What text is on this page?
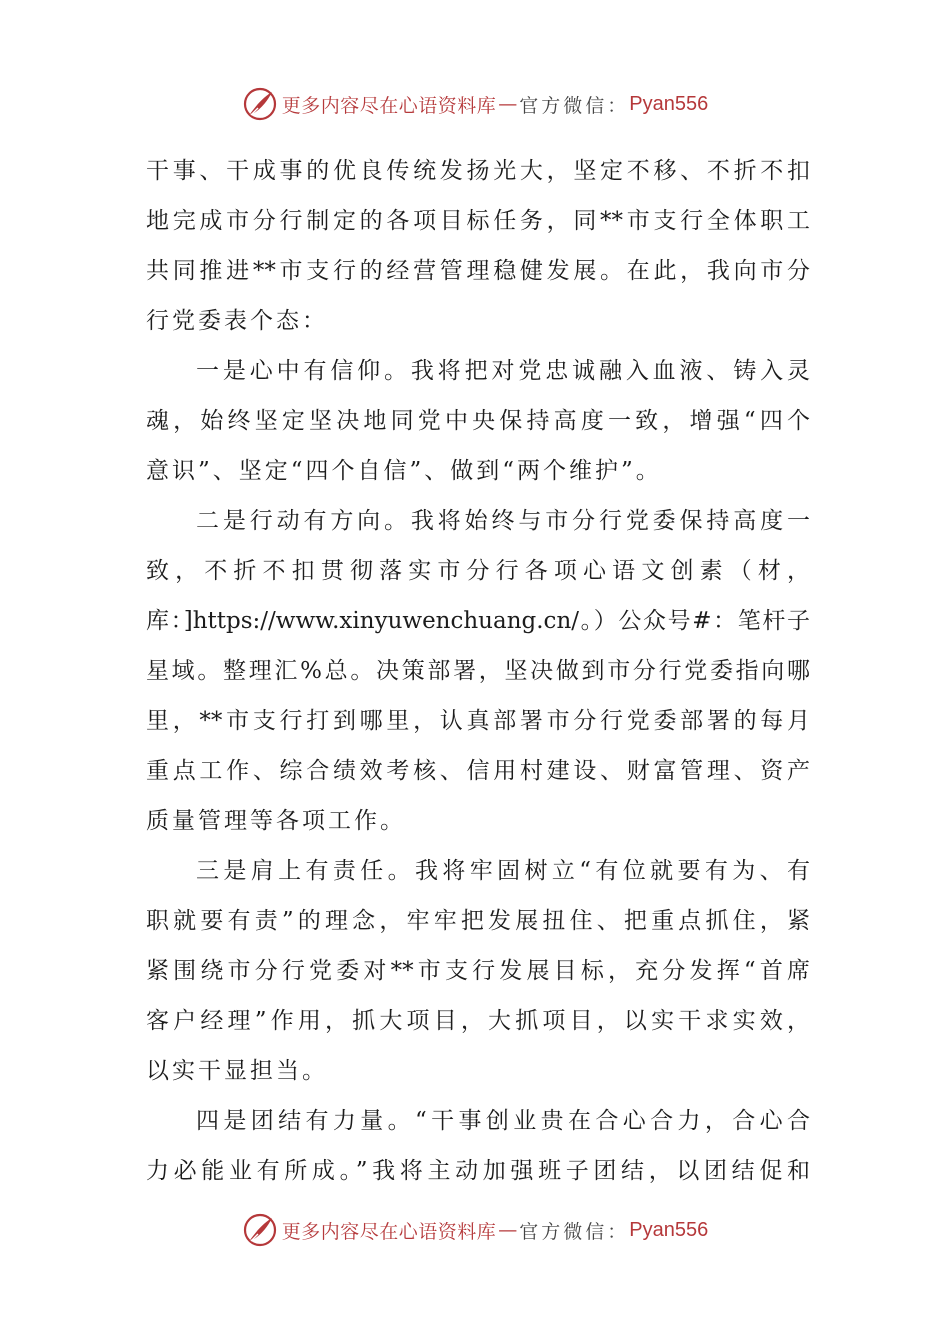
更多内容尽在心语资料库 — 官方微信： Pyan556
干事、干成事的优良传统发扬光大，坚定不移、不折不扣
地完成市分行制定的各项目标任务，同**市支行全体职工
共同推进**市支行的经营管理稳健发展。在此，我向市分
行党委表个态：
一是心中有信仰。我将把对党忠诚融入血液、铸入灵
魂，始终坚定坚决地同党中央保持高度一致，增强“四个
意识”、坚定“四个自信”、做到“两个维护”。
二是行动有方向。我将始终与市分行党委保持高度一
致，不折不扣贯彻落实市分行各项心语文创素（材，
库：]https://www.xinyuwenchuang.cn/。）公众号#：笔杆子
星域。整理汇%总。决策部署，坚决做到市分行党委指向哪
里，**市支行打到哪里，认真部署市分行党委部署的每月
重点工作、综合绩效考核、信用村建设、财富管理、资产
质量管理等各项工作。
三是肩上有责任。我将牢固树立“有位就要有为、有
职就要有责”的理念，牢牢把发展扭住、把重点抓住，紧
紧围绕市分行党委对**市支行发展目标，充分发挥“首席
客户经理”作用，抓大项目，大抓项目，以实干求实效，
以实干显担当。
四是团结有力量。“干事创业贵在合心合力，合心合
力必能业有所成。”我将主动加强班子团结，以团结促和
更多内容尽在心语资料库 — 官方微信： Pyan556
